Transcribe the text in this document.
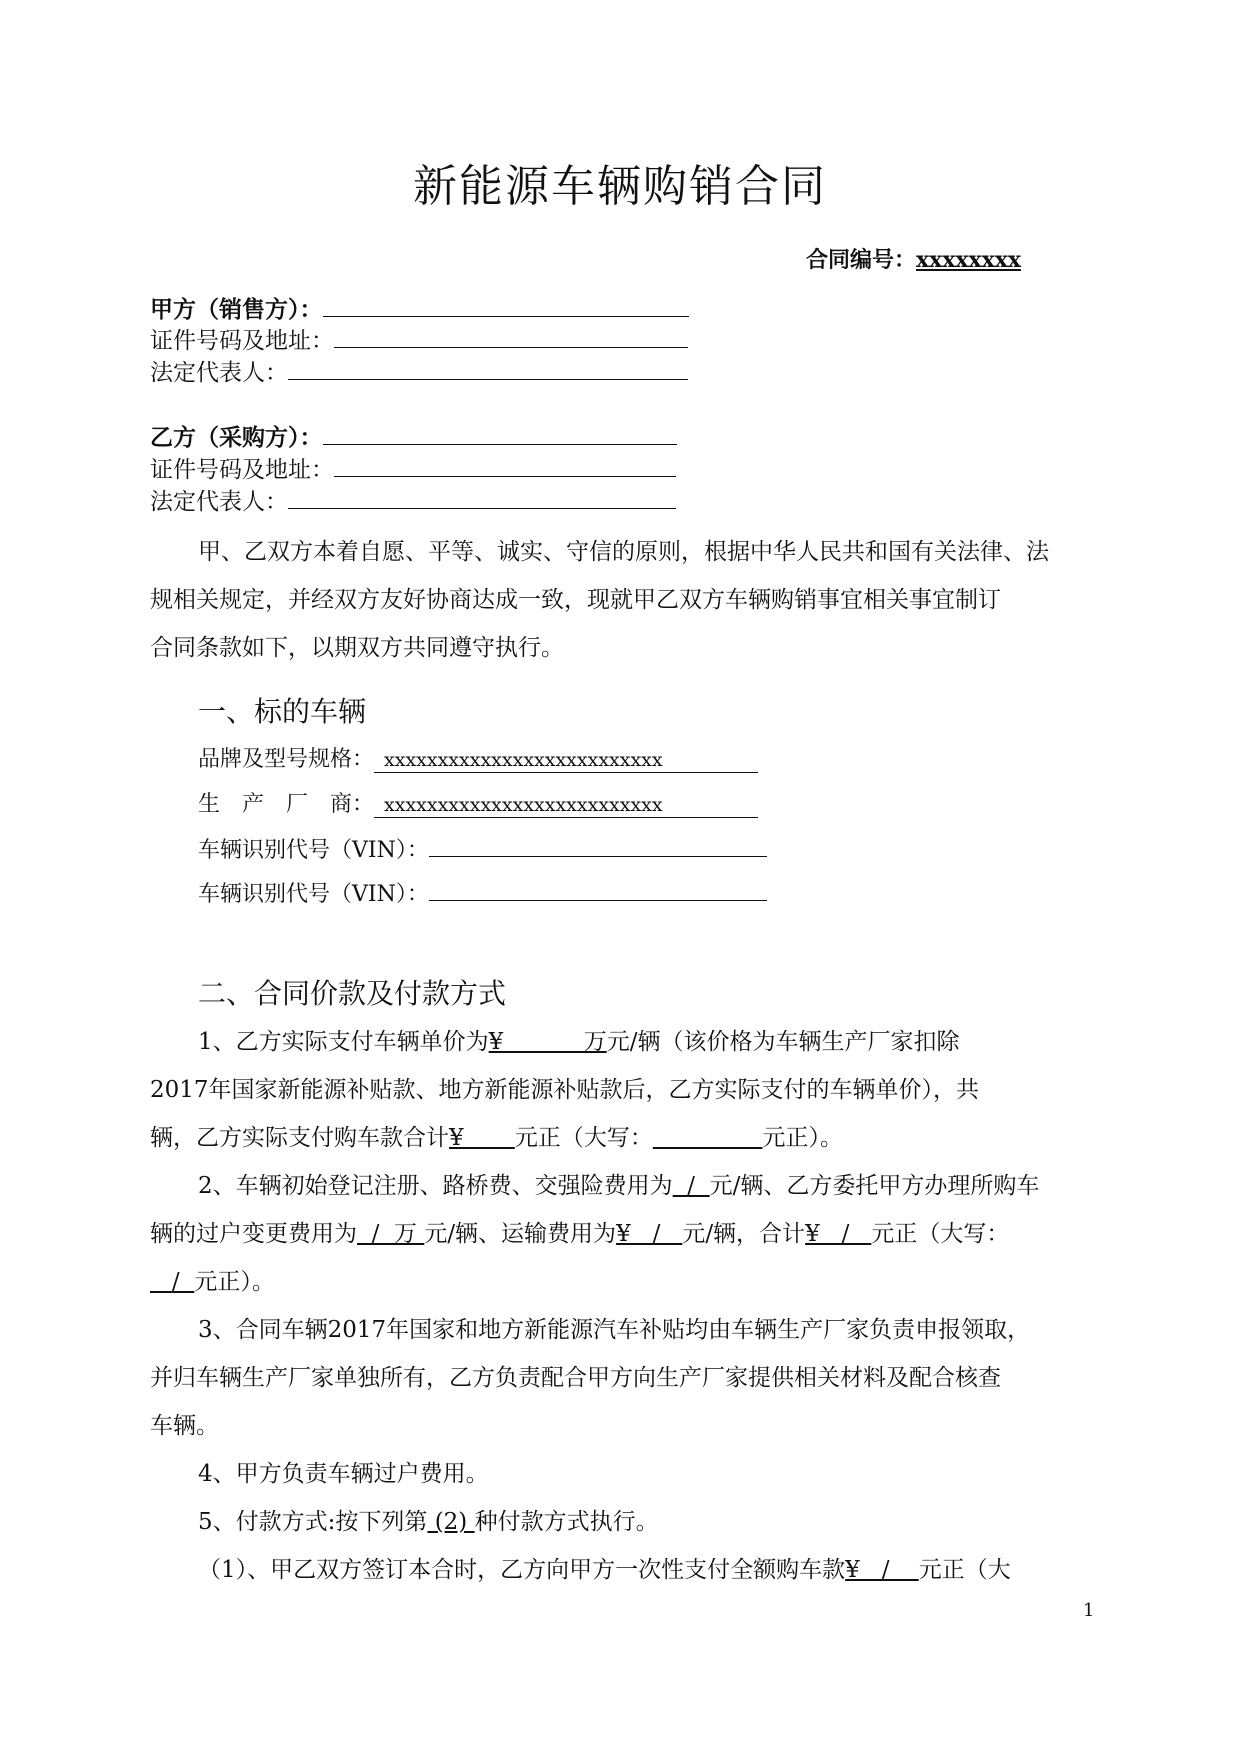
新能源车辆购销合同
合同编号：xxxxxxxx
甲方（销售方）：
证件号码及地址：
法定代表人：
乙方（采购方）：
证件号码及地址：
法定代表人：
甲、乙双方本着自愿、平等、诚实、守信的原则，根据中华人民共和国有关法律、法
规相关规定，并经双方友好协商达成一致，现就甲乙双方车辆购销事宜相关事宜制订
合同条款如下，以期双方共同遵守执行。
一、标的车辆
品牌及型号规格： xxxxxxxxxxxxxxxxxxxxxxxxxx
生　产　厂　商： xxxxxxxxxxxxxxxxxxxxxxxxxx
车辆识别代号（VIN）：
车辆识别代号（VIN）：
二、合同价款及付款方式
1、乙方实际支付车辆单价为¥           万元/辆（该价格为车辆生产厂家扣除
2017年国家新能源补贴款、地方新能源补贴款后，乙方实际支付的车辆单价），共
辆，乙方实际支付购车款合计¥       元正（大写：	元正）。
2、车辆初始登记注册、路桥费、交强险费用为  /  元/辆、乙方委托甲方办理所购车
辆的过户变更费用为  /  万 元/辆、运输费用为¥   /   元/辆，合计¥   /   元正（大写：
/  元正）。
3、合同车辆2017年国家和地方新能源汽车补贴均由车辆生产厂家负责申报领取，
并归车辆生产厂家单独所有，乙方负责配合甲方向生产厂家提供相关材料及配合核查
车辆。
4、甲方负责车辆过户费用。
5、付款方式:按下列第 (2) 种付款方式执行。
（1）、甲乙双方签订本合时，乙方向甲方一次性支付全额购车款¥   /    元正（大
1
